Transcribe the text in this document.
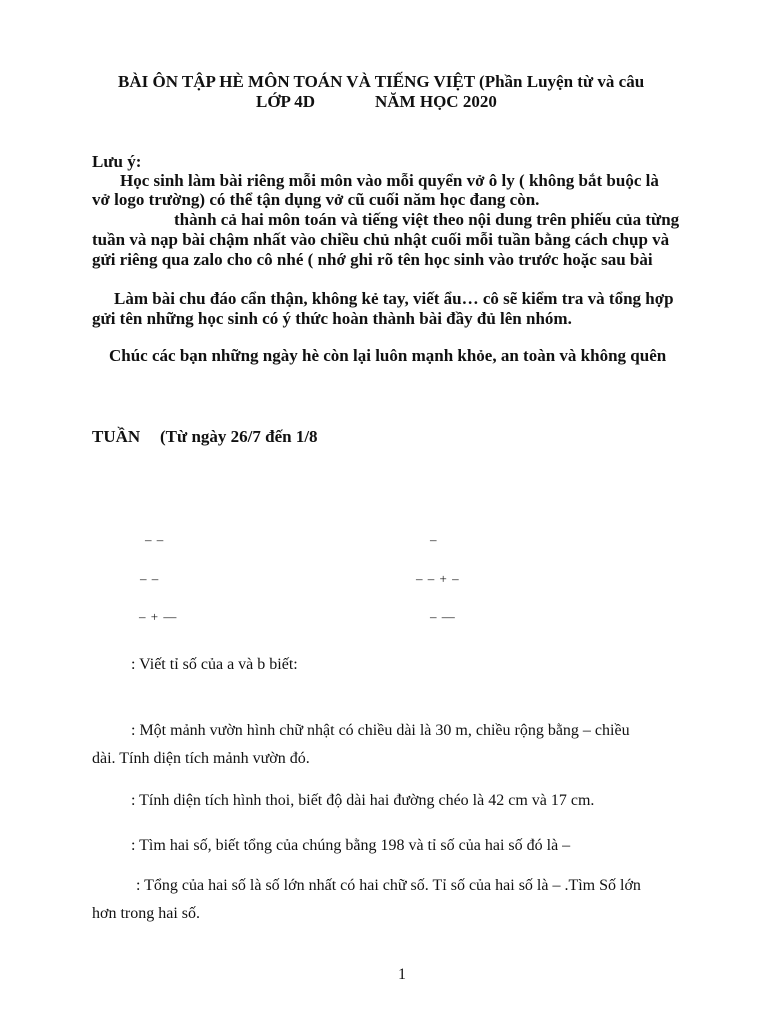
BÀI ÔN TẬP HÈ MÔN TOÁN VÀ TIẾNG VIỆT (Phần Luyện từ và câu
LỚP 4D	NĂM HỌC 2020
Lưu ý:
Học sinh làm bài riêng mỗi môn vào mỗi quyển vở ô ly ( không bắt buộc là
vở logo trường) có thể tận dụng vở cũ cuối năm học đang còn.
thành cả hai môn toán và tiếng việt theo nội dung trên phiếu của từng
tuần và nạp bài chậm nhất vào chiều chủ nhật cuối mỗi tuần bằng cách chụp và
gửi riêng qua zalo cho cô nhé ( nhớ ghi rõ tên học sinh vào trước hoặc sau bài
Làm bài chu đáo cẩn thận, không kẻ tay, viết ẩu… cô sẽ kiểm tra và tổng hợp
gửi tên những học sinh có ý thức hoàn thành bài đầy đủ lên nhóm.
Chúc các bạn những ngày hè còn lại luôn mạnh khỏe, an toàn và không quên
TUẦN (Từ ngày 26/7 đến 1/8
– –	–
– –	– – + –
– + —	– —
: Viết tỉ số của a và b biết:
: Một mảnh vườn hình chữ nhật có chiều dài là 30 m, chiều rộng bằng – chiều
dài. Tính diện tích mảnh vườn đó.
: Tính diện tích hình thoi, biết độ dài hai đường chéo là 42 cm và 17 cm.
: Tìm hai số, biết tổng của chúng bằng 198 và tỉ số của hai số đó là –
: Tổng của hai số là số lớn nhất có hai chữ số. Tỉ số của hai số là – .Tìm Số lớn
hơn trong hai số.
1
